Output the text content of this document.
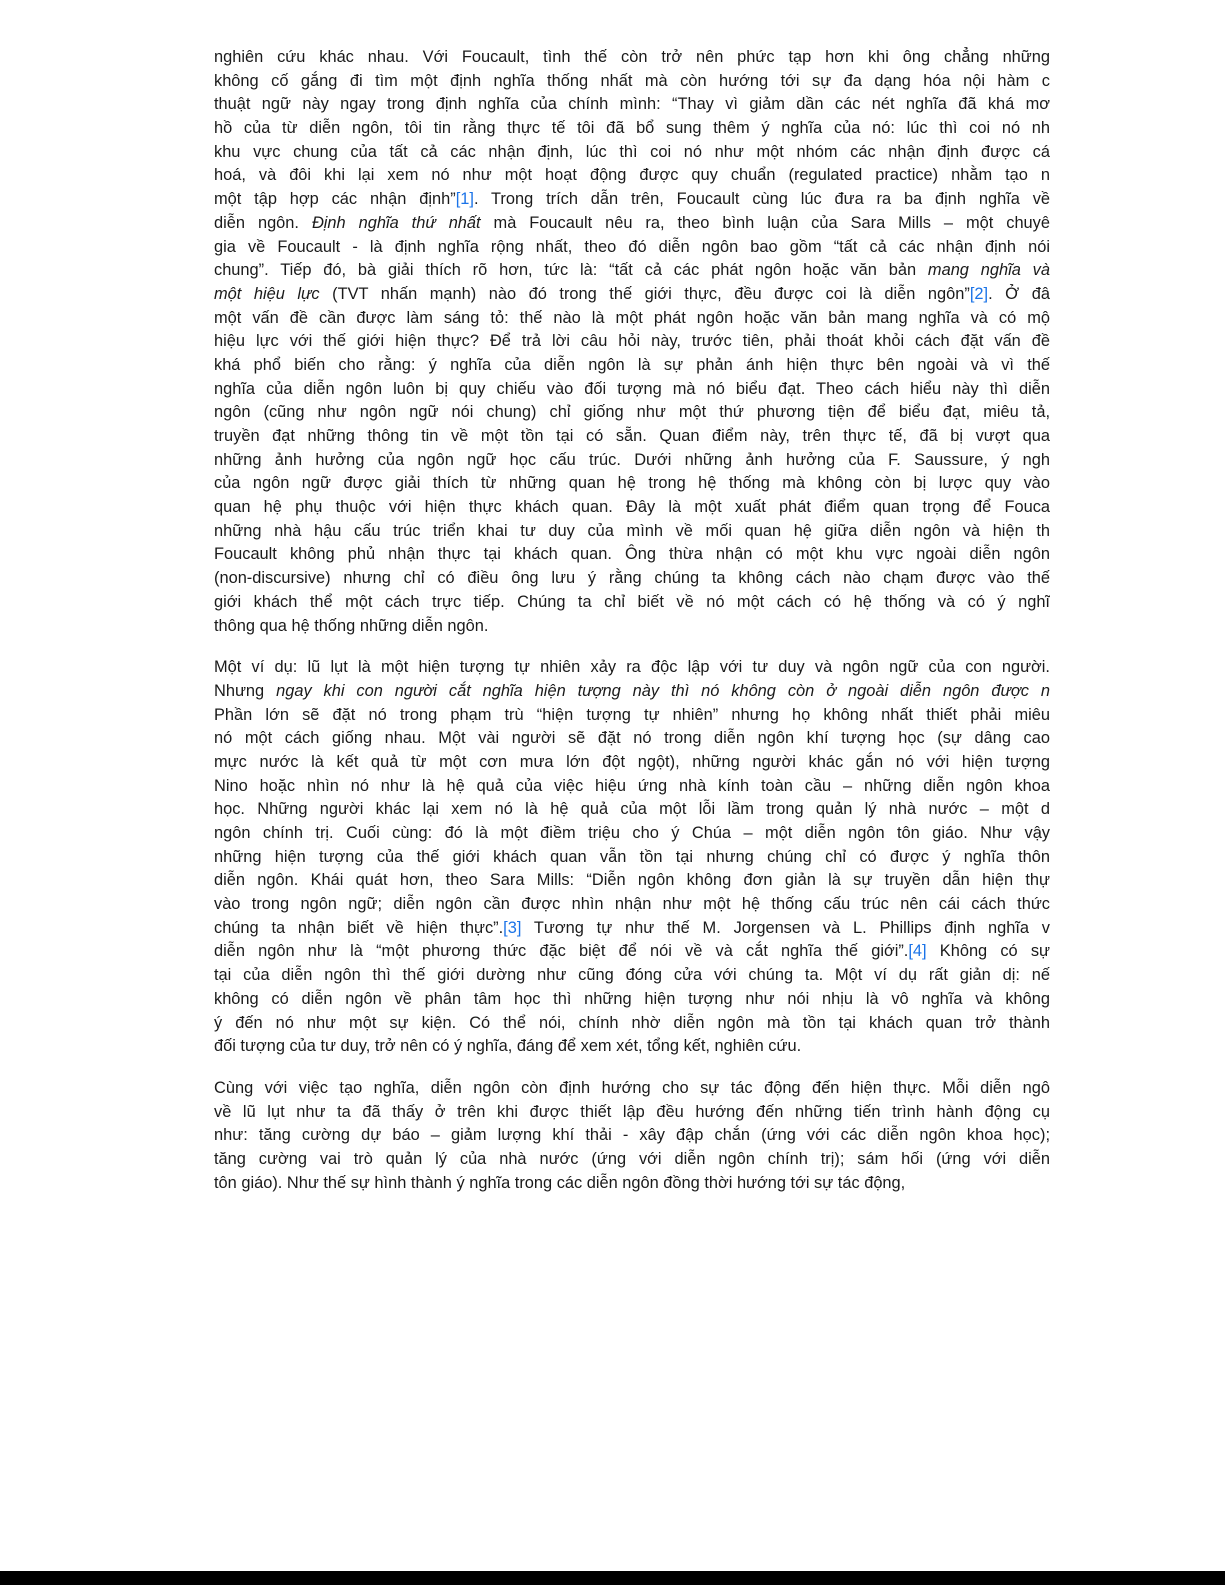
nghiên cứu khác nhau. Với Foucault, tình thế còn trở nên phức tạp hơn khi ông chẳng những
không cố gắng đi tìm một định nghĩa thống nhất mà còn hướng tới sự đa dạng hóa nội hàm c
thuật ngữ này ngay trong định nghĩa của chính mình: “Thay vì giảm dần các nét nghĩa đã khá mơ
hồ của từ diễn ngôn, tôi tin rằng thực tế tôi đã bổ sung thêm ý nghĩa của nó: lúc thì coi nó nh
khu vực chung của tất cả các nhận định, lúc thì coi nó như một nhóm các nhận định được cá
hoá, và đôi khi lại xem nó như một hoạt động được quy chuẩn (regulated practice) nhằm tạo n
một tập hợp các nhận định”[1]. Trong trích dẫn trên, Foucault cùng lúc đưa ra ba định nghĩa về
diễn ngôn. Định nghĩa thứ nhất mà Foucault nêu ra, theo bình luận của Sara Mills – một chuyê
gia về Foucault - là định nghĩa rộng nhất, theo đó diễn ngôn bao gồm “tất cả các nhận định nói
chung”. Tiếp đó, bà giải thích rõ hơn, tức là: “tất cả các phát ngôn hoặc văn bản mang nghĩa và
một hiệu lực (TVT nhấn mạnh) nào đó trong thế giới thực, đều được coi là diễn ngôn”[2]. Ở đâ
một vấn đề cần được làm sáng tỏ: thế nào là một phát ngôn hoặc văn bản mang nghĩa và có mộ
hiệu lực với thế giới hiện thực? Để trả lời câu hỏi này, trước tiên, phải thoát khỏi cách đặt vấn đề
khá phổ biến cho rằng: ý nghĩa của diễn ngôn là sự phản ánh hiện thực bên ngoài và vì thế
nghĩa của diễn ngôn luôn bị quy chiếu vào đối tượng mà nó biểu đạt. Theo cách hiểu này thì diễn
ngôn (cũng như ngôn ngữ nói chung) chỉ giống như một thứ phương tiện để biểu đạt, miêu tả,
truyền đạt những thông tin về một tồn tại có sẵn. Quan điểm này, trên thực tế, đã bị vượt qua
những ảnh hưởng của ngôn ngữ học cấu trúc. Dưới những ảnh hưởng của F. Saussure, ý ngh
của ngôn ngữ được giải thích từ những quan hệ trong hệ thống mà không còn bị lược quy vào
quan hệ phụ thuộc với hiện thực khách quan. Đây là một xuất phát điểm quan trọng để Fouca
những nhà hậu cấu trúc triển khai tư duy của mình về mối quan hệ giữa diễn ngôn và hiện th
Foucault không phủ nhận thực tại khách quan. Ông thừa nhận có một khu vực ngoài diễn ngôn
(non-discursive) nhưng chỉ có điều ông lưu ý rằng chúng ta không cách nào chạm được vào thế
giới khách thể một cách trực tiếp. Chúng ta chỉ biết về nó một cách có hệ thống và có ý nghĩ
thông qua hệ thống những diễn ngôn.

Một ví dụ: lũ lụt là một hiện tượng tự nhiên xảy ra độc lập với tư duy và ngôn ngữ của con người.
Nhưng ngay khi con người cắt nghĩa hiện tượng này thì nó không còn ở ngoài diễn ngôn được n
Phần lớn sẽ đặt nó trong phạm trù “hiện tượng tự nhiên” nhưng họ không nhất thiết phải miêu
nó một cách giống nhau. Một vài người sẽ đặt nó trong diễn ngôn khí tượng học (sự dâng cao
mực nước là kết quả từ một cơn mưa lớn đột ngột), những người khác gắn nó với hiện tượng
Nino hoặc nhìn nó như là hệ quả của việc hiệu ứng nhà kính toàn cầu – những diễn ngôn khoa
học. Những người khác lại xem nó là hệ quả của một lỗi lầm trong quản lý nhà nước – một d
ngôn chính trị. Cuối cùng: đó là một điềm triệu cho ý Chúa – một diễn ngôn tôn giáo. Như vậy
những hiện tượng của thế giới khách quan vẫn tồn tại nhưng chúng chỉ có được ý nghĩa thôn
diễn ngôn. Khái quát hơn, theo Sara Mills: “Diễn ngôn không đơn giản là sự truyền dẫn hiện thự
vào trong ngôn ngữ; diễn ngôn cần được nhìn nhận như một hệ thống cấu trúc nên cái cách thức
chúng ta nhận biết về hiện thực”.[3] Tương tự như thế M. Jorgensen và L. Phillips định nghĩa v
diễn ngôn như là “một phương thức đặc biệt để nói về và cắt nghĩa thế giới”.[4] Không có sự
tại của diễn ngôn thì thế giới dường như cũng đóng cửa với chúng ta. Một ví dụ rất giản dị: nế
không có diễn ngôn về phân tâm học thì những hiện tượng như nói nhịu là vô nghĩa và không
ý đến nó như một sự kiện. Có thể nói, chính nhờ diễn ngôn mà tồn tại khách quan trở thành
đối tượng của tư duy, trở nên có ý nghĩa, đáng để xem xét, tổng kết, nghiên cứu.

Cùng với việc tạo nghĩa, diễn ngôn còn định hướng cho sự tác động đến hiện thực. Mỗi diễn ngô
về lũ lụt như ta đã thấy ở trên khi được thiết lập đều hướng đến những tiến trình hành động cụ
như: tăng cường dự báo – giảm lượng khí thải - xây đập chắn (ứng với các diễn ngôn khoa học);
tăng cường vai trò quản lý của nhà nước (ứng với diễn ngôn chính trị); sám hối (ứng với diễn
tôn giáo). Như thế sự hình thành ý nghĩa trong các diễn ngôn đồng thời hướng tới sự tác động,
